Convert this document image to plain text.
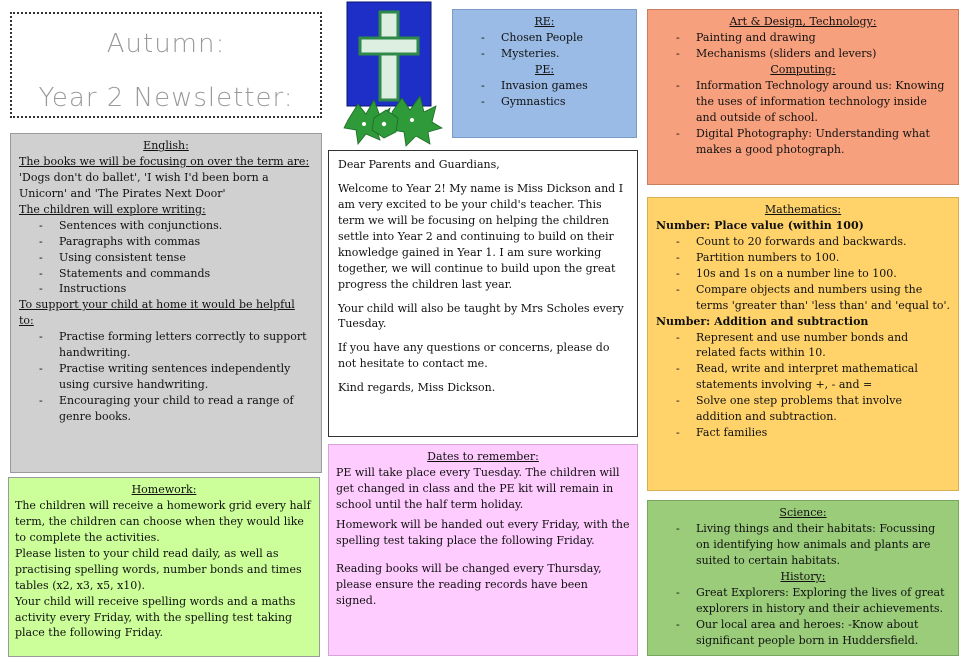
Autumn:
Year 2 Newsletter:
English:
The books we will be focusing on over the term are:

'Dogs don't do ballet', 'I wish I'd been born a Unicorn' and 'The Pirates Next Door'

The children will explore writing:
- Sentences with conjunctions.
- Paragraphs with commas
- Using consistent tense
- Statements and commands
- Instructions
To support your child at home it would be helpful to:
- Practise forming letters correctly to support handwriting.
- Practise writing sentences independently using cursive handwriting.
- Encouraging your child to read a range of genre books.
Homework:

The children will receive a homework grid every half term, the children can choose when they would like to complete the activities.

Please listen to your child read daily, as well as practising spelling words, number bonds and times tables (x2, x3, x5, x10).

Your child will receive spelling words and a maths activity every Friday, with the spelling test taking place the following Friday.

RE:
- Chosen People
- Mysteries.
PE:
- Invasion games
- Gymnastics

Dear Parents and Guardians,

Welcome to Year 2! My name is Miss Dickson and I am very excited to be your child's teacher. This term we will be focusing on helping the children settle into Year 2 and continuing to build on their knowledge gained in Year 1. I am sure working together, we will continue to build upon the great progress the children last year.

Your child will also be taught by Mrs Scholes every Tuesday.

If you have any questions or concerns, please do not hesitate to contact me.

Kind regards, Miss Dickson.

Dates to remember:

PE will take place every Tuesday. The children will get changed in class and the PE kit will remain in school until the half term holiday.

Homework will be handed out every Friday, with the spelling test taking place the following Friday.

Reading books will be changed every Thursday, please ensure the reading records have been signed.

Art & Design, Technology:
- Painting and drawing
- Mechanisms (sliders and levers)
Computing:
- Information Technology around us: Knowing the uses of information technology inside and outside of school.
- Digital Photography: Understanding what makes a good photograph.
Mathematics:
Number: Place value (within 100)
- Count to 20 forwards and backwards.
- Partition numbers to 100.
- 10s and 1s on a number line to 100.
- Compare objects and numbers using the terms 'greater than' 'less than' and 'equal to'.
Number: Addition and subtraction
- Represent and use number bonds and related facts within 10.
- Read, write and interpret mathematical statements involving +, - and =
- Solve one step problems that involve addition and subtraction.
- Fact families
Science:
- Living things and their habitats: Focussing on identifying how animals and plants are suited to certain habitats.
History:
- Great Explorers: Exploring the lives of great explorers in history and their achievements.
- Our local area and heroes: -Know about significant people born in Huddersfield.
